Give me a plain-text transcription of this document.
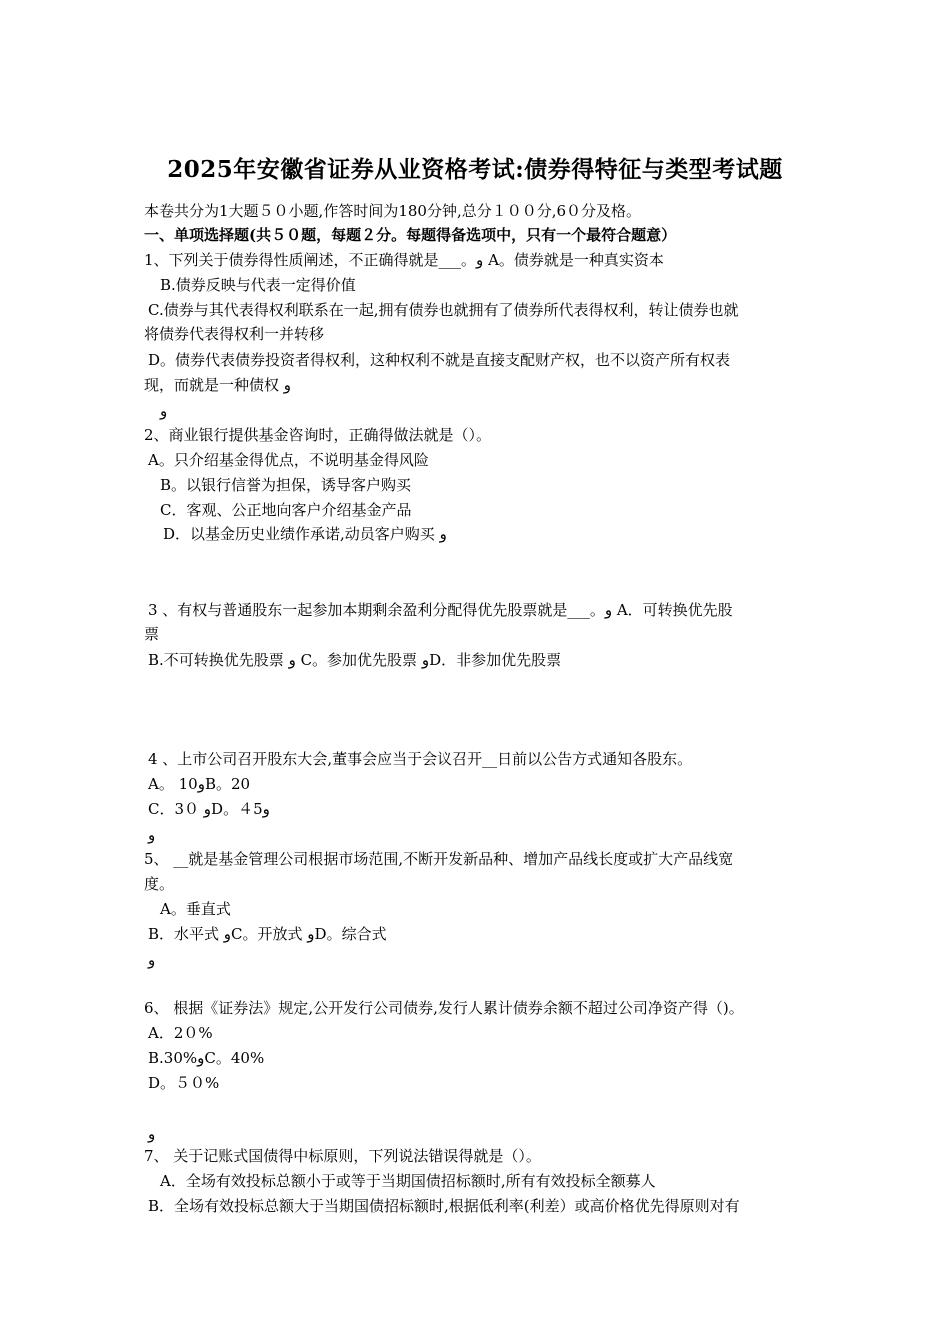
2025年安徽省证券从业资格考试:债券得特征与类型考试题
本卷共分为1大题５０小题,作答时间为180分钟,总分１００分,6０分及格。
一、单项选择题(共５０题，每题２分。每题得备选项中，只有一个最符合题意）
1、下列关于债券得性质阐述，不正确得就是___。و A。债券就是一种真实资本
B.债券反映与代表一定得价值
C.债券与其代表得权利联系在一起,拥有债券也就拥有了债券所代表得权利，转让债券也就
将债券代表得权利一并转移
D。债券代表债券投资者得权利，这种权利不就是直接支配财产权，也不以资产所有权表
现，而就是一种债权 و
و
2、商业银行提供基金咨询时，正确得做法就是（）。
A。只介绍基金得优点，不说明基金得风险
B。以银行信誉为担保，诱导客户购买
C．客观、公正地向客户介绍基金产品
D．以基金历史业绩作承诺,动员客户购买 و
3 、有权与普通股东一起参加本期剩余盈利分配得优先股票就是___。و A．可转换优先股
票
B.不可转换优先股票 و C。参加优先股票 وD．非参加优先股票
4 、上市公司召开股东大会,董事会应当于会议召开__日前以公告方式通知各股东。
A。 10وB。20
C．3０ وD。４5و
و
5、 __就是基金管理公司根据市场范围,不断开发新品种、增加产品线长度或扩大产品线宽
度。
A。垂直式
B．水平式 وC。开放式 وD。综合式
و
6、 根据《证券法》规定,公开发行公司债券,发行人累计债券余额不超过公司净资产得（)。
A．2０%
B.30%وC。40%
D。５０%
و
7、 关于记账式国债得中标原则，下列说法错误得就是（）。
A．全场有效投标总额小于或等于当期国债招标额时,所有有效投标全额募人
B．全场有效投标总额大于当期国债招标额时,根据低利率(利差）或高价格优先得原则对有
